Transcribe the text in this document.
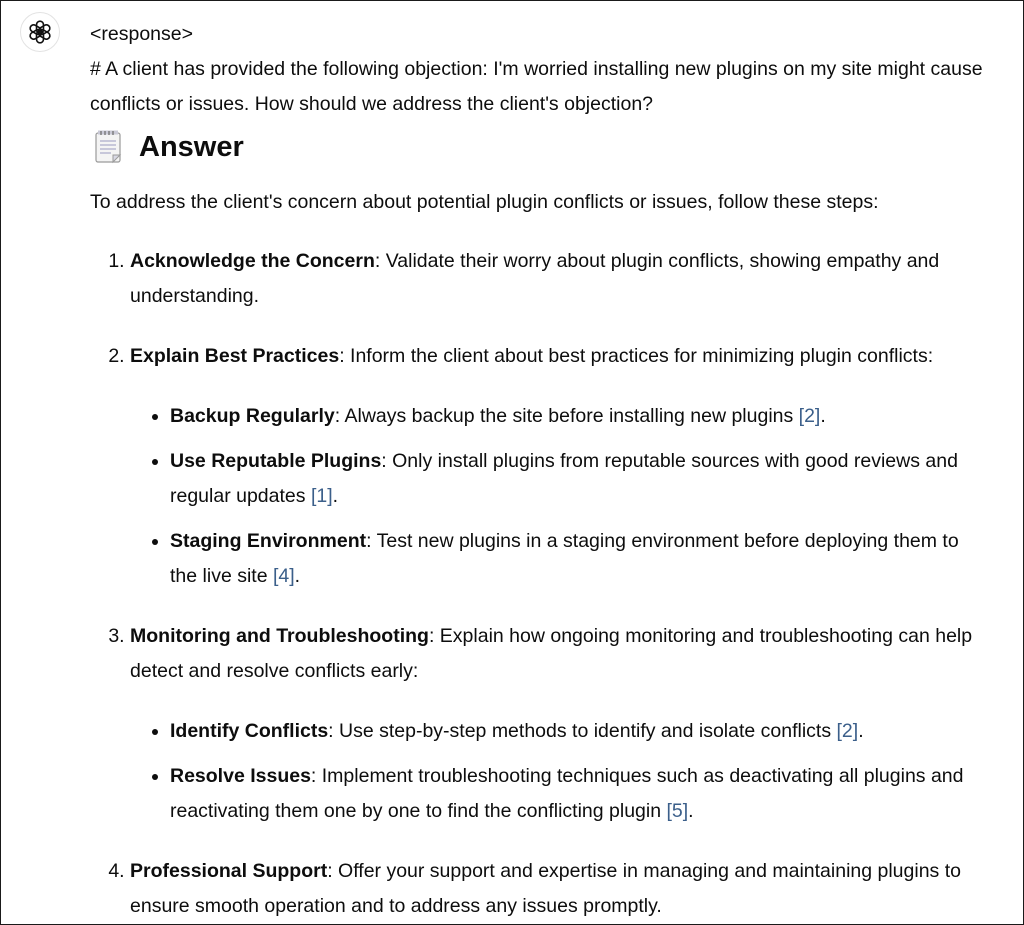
<response>

# A client has provided the following objection: I'm worried installing new plugins on my site might cause conflicts or issues. How should we address the client's objection?

Answer

To address the client's concern about potential plugin conflicts or issues, follow these steps:

1. Acknowledge the Concern: Validate their worry about plugin conflicts, showing empathy and understanding.
2. Explain Best Practices: Inform the client about best practices for minimizing plugin conflicts:
• Backup Regularly: Always backup the site before installing new plugins [2].
• Use Reputable Plugins: Only install plugins from reputable sources with good reviews and regular updates [1].
• Staging Environment: Test new plugins in a staging environment before deploying them to the live site [4].
3. Monitoring and Troubleshooting: Explain how ongoing monitoring and troubleshooting can help detect and resolve conflicts early:
• Identify Conflicts: Use step-by-step methods to identify and isolate conflicts [2].
• Resolve Issues: Implement troubleshooting techniques such as deactivating all plugins and reactivating them one by one to find the conflicting plugin [5].
4. Professional Support: Offer your support and expertise in managing and maintaining plugins to ensure smooth operation and to address any issues promptly.
